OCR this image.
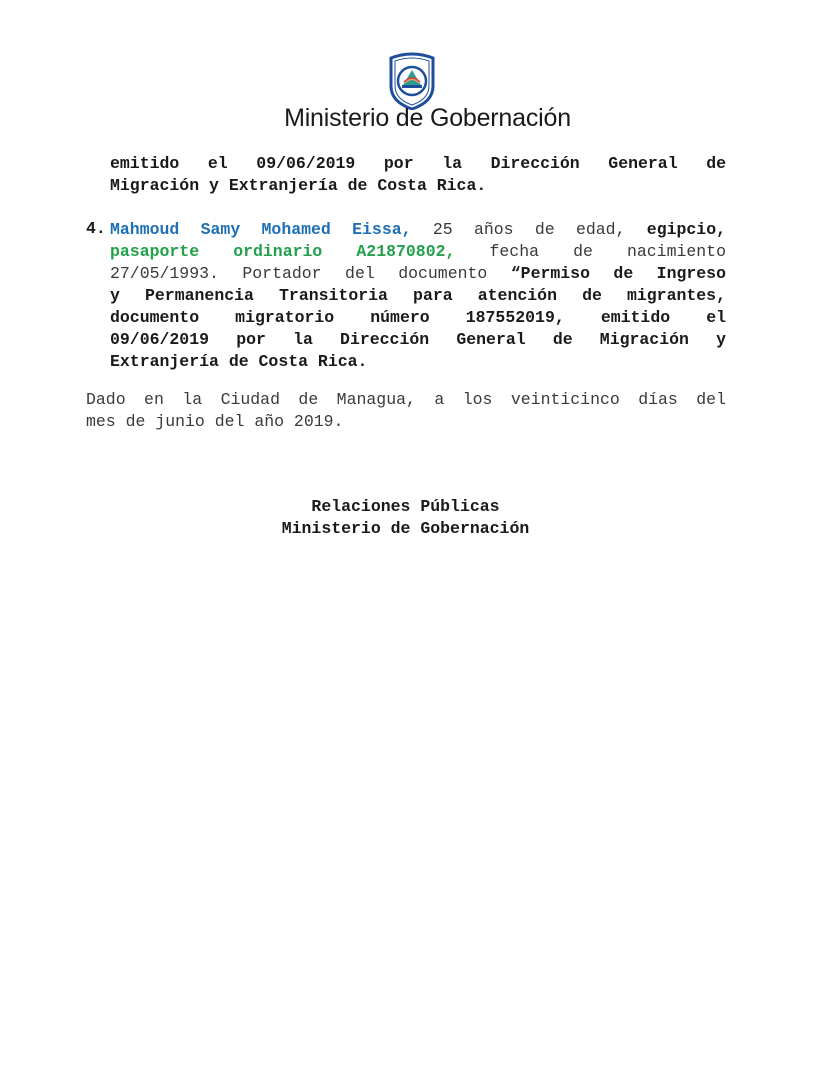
Ministerio de Gobernación
emitido el 09/06/2019 por la Dirección General de
Migración y Extranjería de Costa Rica.
4. Mahmoud Samy Mohamed Eissa, 25 años de edad, egipcio,
pasaporte ordinario A21870802, fecha de nacimiento
27/05/1993. Portador del documento “Permiso de Ingreso
y Permanencia Transitoria para atención de migrantes,
documento migratorio número 187552019, emitido el
09/06/2019 por la Dirección General de Migración y
Extranjería de Costa Rica.
Dado en la Ciudad de Managua, a los veinticinco días del
mes de junio del año 2019.
Relaciones Públicas
Ministerio de Gobernación
